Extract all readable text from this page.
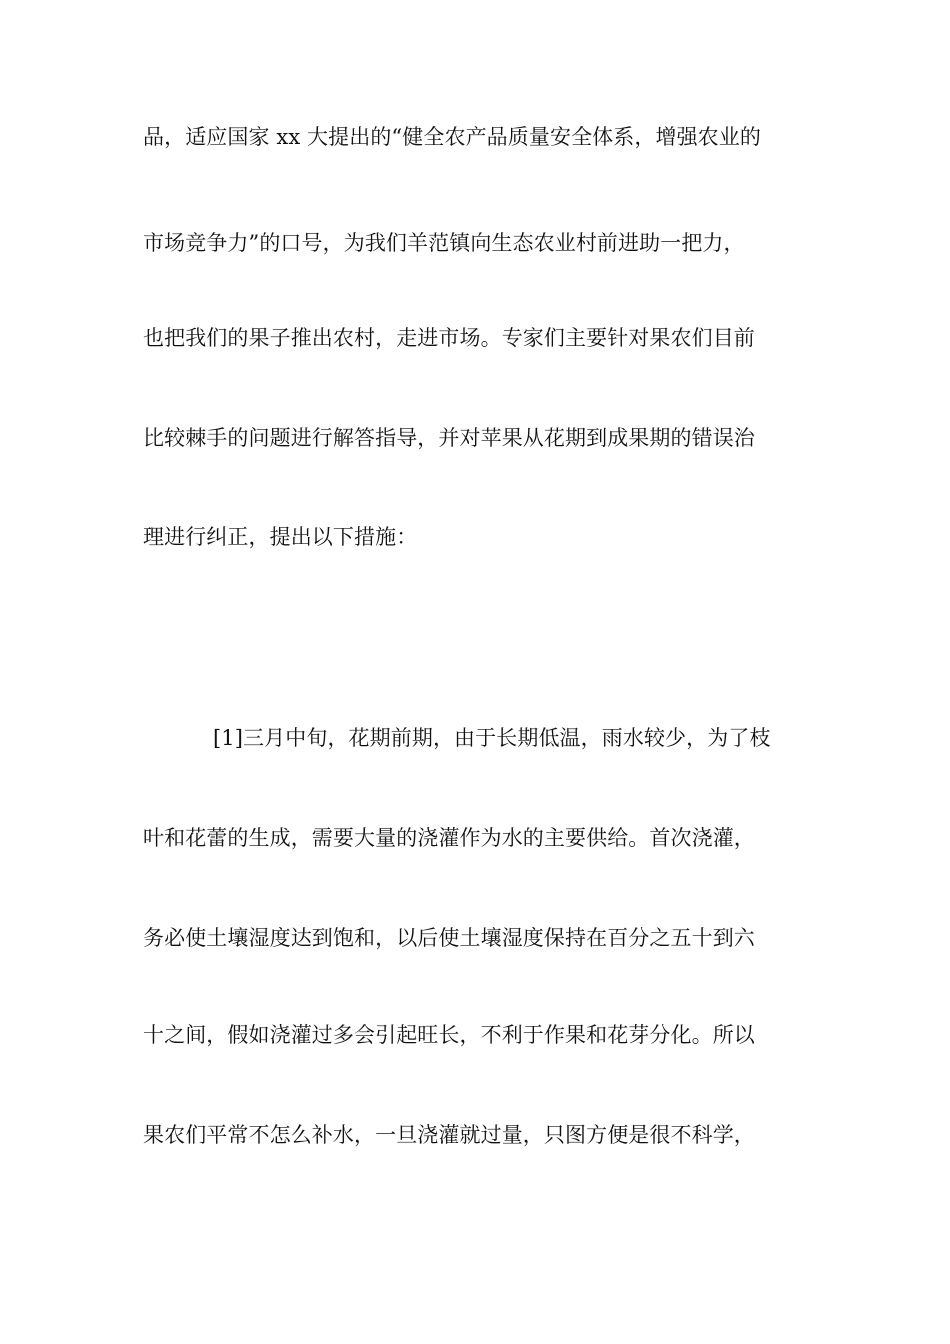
品，适应国家 xx 大提出的“健全农产品质量安全体系，增强农业的
市场竞争力”的口号，为我们羊范镇向生态农业村前进助一把力，
也把我们的果子推出农村，走进市场。专家们主要针对果农们目前
比较棘手的问题进行解答指导，并对苹果从花期到成果期的错误治
理进行纠正，提出以下措施：
[1]三月中旬，花期前期，由于长期低温，雨水较少，为了枝
叶和花蕾的生成，需要大量的浇灌作为水的主要供给。首次浇灌，
务必使土壤湿度达到饱和，以后使土壤湿度保持在百分之五十到六
十之间，假如浇灌过多会引起旺长，不利于作果和花芽分化。所以
果农们平常不怎么补水，一旦浇灌就过量，只图方便是很不科学，
